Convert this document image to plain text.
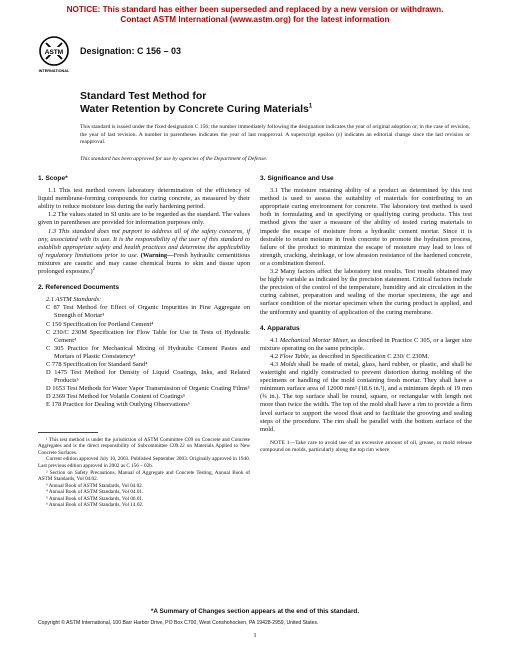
NOTICE: This standard has either been superseded and replaced by a new version or withdrawn.
Contact ASTM International (www.astm.org) for the latest information
ASTM
INTERNATIONAL
Designation: C 156 – 03
Standard Test Method for
Water Retention by Concrete Curing Materials$^1$
This standard is issued under the fixed designation C 156; the number immediately following the designation indicates the year of original adoption or, in the case of revision, the year of last revision. A number in parentheses indicates the year of last reapproval. A superscript epsilon (ε) indicates an editorial change since the last revision or reapproval.
This standard has been approved for use by agencies of the Department of Defense.
1. Scope*

1.1 This test method covers laboratory determination of the efficiency of liquid membrane-forming compounds for curing concrete, as measured by their ability to reduce moisture loss during the early hardening period.

1.2 The values stated in SI units are to be regarded as the standard. The values given in parentheses are provided for information purposes only.

1.3 This standard does not purport to address all of the safety concerns, if any, associated with its use. It is the responsibility of the user of this standard to establish appropriate safety and health practices and determine the applicability of regulatory limitations prior to use. (Warning—Fresh hydraulic cementitious mixtures are caustic and may cause chemical burns to skin and tissue upon prolonged exposure.)$^2$

2. Referenced Documents
2.1 ASTM Standards:

C 87 Test Method for Effect of Organic Impurities in Fine Aggregate on Strength of Mortar³

C 150 Specification for Portland Cement⁴

C 230/C 230M Specification for Flow Table for Use in Tests of Hydraulic Cement⁴

C 305 Practice for Mechanical Mixing of Hydraulic Cement Pastes and Mortars of Plastic Consistency⁴

C 778 Specification for Standard Sand⁴

D 1475 Test Method for Density of Liquid Coatings, Inks, and Related Products⁵

D 1653 Test Methods for Water Vapor Transmission of Organic Coating Films⁵

D 2369 Test Method for Volatile Content of Coatings⁵

E 178 Practice for Dealing with Outlying Observations⁶

¹ This test method is under the jurisdiction of ASTM Committee C09 on Concrete and Concrete Aggregates and is the direct responsibility of Subcommittee C09.22 on Materials Applied to New Concrete Surfaces.

Current edition approved July 10, 2003. Published September 2003. Originally approved in 1940. Last previous edition approved in 2002 as C 156 – 02b.

² Section on Safety Precautions, Manual of Aggregate and Concrete Testing, Annual Book of ASTM Standards, Vol 04.02.

³ Annual Book of ASTM Standards, Vol 04.02.

⁴ Annual Book of ASTM Standards, Vol 04.01.

⁵ Annual Book of ASTM Standards, Vol 06.01.

⁶ Annual Book of ASTM Standards, Vol 14.02.

3. Significance and Use

3.1 The moisture retaining ability of a product as determined by this test method is used to assess the suitability of materials for contributing to an appropriate curing environment for concrete. The laboratory test method is used both in formulating and in specifying or qualifying curing products. This test method gives the user a measure of the ability of tested curing materials to impede the escape of moisture from a hydraulic cement mortar. Since it is desirable to retain moisture in fresh concrete to promote the hydration process, failure of the product to minimize the escape of moisture may lead to loss of strength, cracking, shrinkage, or low abrasion resistance of the hardened concrete, or a combination thereof.

3.2 Many factors affect the laboratory test results. Test results obtained may be highly variable as indicated by the precision statement. Critical factors include the precision of the control of the temperature, humidity and air circulation in the curing cabinet, preparation and sealing of the mortar specimens, the age and surface condition of the mortar specimen when the curing product is applied, and the uniformity and quantity of application of the curing membrane.

4. Apparatus

4.1 Mechanical Mortar Mixer, as described in Practice C 305, or a larger size mixture operating on the same principle.

4.2 Flow Table, as described in Specification C 230/ C 230M.

4.3 Molds shall be made of metal, glass, hard rubber, or plastic, and shall be watertight and rigidly constructed to prevent distortion during molding of the specimens or handling of the mold containing fresh mortar. They shall have a minimum surface area of 12000 mm² (18.6 in.²), and a minimum depth of 19 mm (¾ in.). The top surface shall be round, square, or rectangular with length not more than twice the width. The top of the mold shall have a rim to provide a firm level surface to support the wood float and to facilitate the grooving and sealing steps of the procedure. The rim shall be parallel with the bottom surface of the mold.

NOTE 1—Take care to avoid use of an excessive amount of oil, grease, or mold release compound on molds, particularly along the top rim where

*A Summary of Changes section appears at the end of this standard.
Copyright © ASTM International, 100 Barr Harbor Drive, PO Box C700, West Conshohocken, PA 19428-2959, United States.
1
